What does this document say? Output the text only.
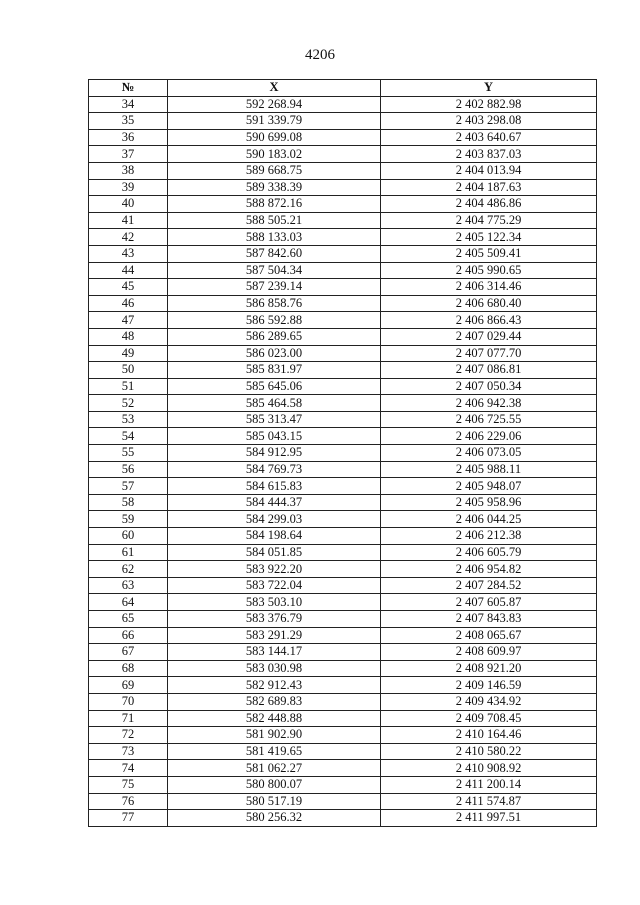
4206
№	X	Y
34	592 268.94	2 402 882.98
35	591 339.79	2 403 298.08
36	590 699.08	2 403 640.67
37	590 183.02	2 403 837.03
38	589 668.75	2 404 013.94
39	589 338.39	2 404 187.63
40	588 872.16	2 404 486.86
41	588 505.21	2 404 775.29
42	588 133.03	2 405 122.34
43	587 842.60	2 405 509.41
44	587 504.34	2 405 990.65
45	587 239.14	2 406 314.46
46	586 858.76	2 406 680.40
47	586 592.88	2 406 866.43
48	586 289.65	2 407 029.44
49	586 023.00	2 407 077.70
50	585 831.97	2 407 086.81
51	585 645.06	2 407 050.34
52	585 464.58	2 406 942.38
53	585 313.47	2 406 725.55
54	585 043.15	2 406 229.06
55	584 912.95	2 406 073.05
56	584 769.73	2 405 988.11
57	584 615.83	2 405 948.07
58	584 444.37	2 405 958.96
59	584 299.03	2 406 044.25
60	584 198.64	2 406 212.38
61	584 051.85	2 406 605.79
62	583 922.20	2 406 954.82
63	583 722.04	2 407 284.52
64	583 503.10	2 407 605.87
65	583 376.79	2 407 843.83
66	583 291.29	2 408 065.67
67	583 144.17	2 408 609.97
68	583 030.98	2 408 921.20
69	582 912.43	2 409 146.59
70	582 689.83	2 409 434.92
71	582 448.88	2 409 708.45
72	581 902.90	2 410 164.46
73	581 419.65	2 410 580.22
74	581 062.27	2 410 908.92
75	580 800.07	2 411 200.14
76	580 517.19	2 411 574.87
77	580 256.32	2 411 997.51
